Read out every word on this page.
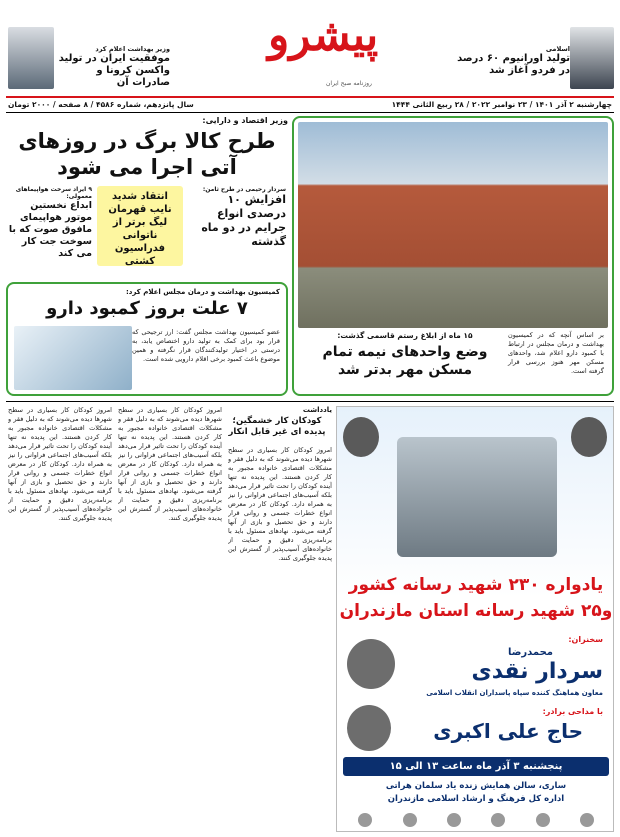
وزیر بهداشت اعلام کرد
موفقیت ایران در تولید واکسن کرونا و صادرات آن
پیشرو
روزنامه صبح ایران
اسلامی
تولید اورانیوم ۶۰ درصد در فردو آغاز شد
چهارشنبه ۲ آذر ۱۴۰۱ / ۲۳ نوامبر ۲۰۲۲ / ۲۸ ربیع الثانی ۱۴۴۴
سال پانزدهم، شماره ۴۵۸۶ / ۸ صفحه / ۲۰۰۰ تومان
وزیر اقتصاد و دارایی:
طرح کالا برگ در روزهای آتی اجرا می شود
۹ ایراد سرخت هواپیماهای معمولی:
ابداع نخستین موتور هواپیمای مافوق صوت که با سوخت جت کار می کند
انتقاد شدید نایب قهرمان لیگ برتر از ناتوانی فدراسیون کشتی
سردار رحیمی در طرح ثامن:
افزایش ۱۰ درصدی انواع جرایم در دو ماه گذشته
کمیسیون بهداشت و درمان مجلس اعلام کرد:
۷ علت بروز کمبود دارو
عضو کمیسیون بهداشت مجلس گفت: ارز ترجیحی که قرار بود برای کمک به تولید دارو اختصاص یابد، به درستی در اختیار تولیدکنندگان قرار نگرفته و همین موضوع باعث کمبود برخی اقلام دارویی شده است.
بر اساس آنچه که در کمیسیون بهداشت و درمان مجلس در ارتباط با کمبود دارو اعلام شد، واحدهای مسکن مهر هنوز بررسی قرار گرفته است.
۱۵ ماه از ابلاغ رستم قاسمی گذشت:
وضع واحدهای نیمه تمام مسکن مهر بدتر شد
یادداشت
کودکان کار خشمگین؛ پدیده ای غیر قابل انکار
امروز کودکان کار بسیاری در سطح شهرها دیده می‌شوند که به دلیل فقر و مشکلات اقتصادی خانواده مجبور به کار کردن هستند. این پدیده نه تنها آینده کودکان را تحت تاثیر قرار می‌دهد بلکه آسیب‌های اجتماعی فراوانی را نیز به همراه دارد. کودکان کار در معرض انواع خطرات جسمی و روانی قرار دارند و حق تحصیل و بازی از آنها گرفته می‌شود. نهادهای مسئول باید با برنامه‌ریزی دقیق و حمایت از خانواده‌های آسیب‌پذیر از گسترش این پدیده جلوگیری کنند.
امروز کودکان کار بسیاری در سطح شهرها دیده می‌شوند که به دلیل فقر و مشکلات اقتصادی خانواده مجبور به کار کردن هستند. این پدیده نه تنها آینده کودکان را تحت تاثیر قرار می‌دهد بلکه آسیب‌های اجتماعی فراوانی را نیز به همراه دارد. کودکان کار در معرض انواع خطرات جسمی و روانی قرار دارند و حق تحصیل و بازی از آنها گرفته می‌شود. نهادهای مسئول باید با برنامه‌ریزی دقیق و حمایت از خانواده‌های آسیب‌پذیر از گسترش این پدیده جلوگیری کنند.
امروز کودکان کار بسیاری در سطح شهرها دیده می‌شوند که به دلیل فقر و مشکلات اقتصادی خانواده مجبور به کار کردن هستند. این پدیده نه تنها آینده کودکان را تحت تاثیر قرار می‌دهد بلکه آسیب‌های اجتماعی فراوانی را نیز به همراه دارد. کودکان کار در معرض انواع خطرات جسمی و روانی قرار دارند و حق تحصیل و بازی از آنها گرفته می‌شود. نهادهای مسئول باید با برنامه‌ریزی دقیق و حمایت از خانواده‌های آسیب‌پذیر از گسترش این پدیده جلوگیری کنند.
یادواره ۲۳۰ شهید رسانه کشور
و۲۵ شهید رسانه استان مازندران
سخنران:
محمدرضا
سردار نقدی
معاون هماهنگ کننده سپاه پاسداران انقلاب اسلامی
با مداحی برادر:
حاج علی اکبری
پنجشنبه ۳ آذر ماه ساعت ۱۳ الی ۱۵
ساری، سالن همایش زنده یاد سلمان هراتی
اداره کل فرهنگ و ارشاد اسلامی مازندران
